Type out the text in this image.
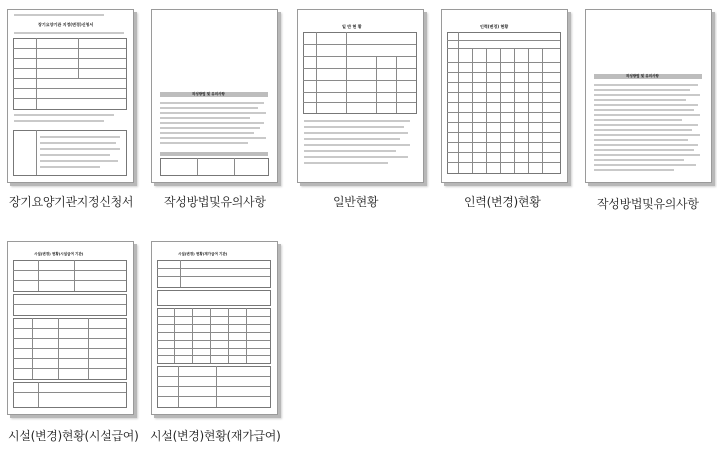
장기요양기관 지정(변경)신청서
장기요양기관지정신청서
작성방법 및 유의사항
작성방법및유의사항
일 반 현 황
일반현황
인력(변경) 현황
인력(변경)현황
작성방법 및 유의사항
작성방법및유의사항
시설(변경) 현황(시설급여 기관)
시설(변경)현황(시설급여)
시설(변경) 현황(재가급여 기관)
시설(변경)현황(재가급여)
